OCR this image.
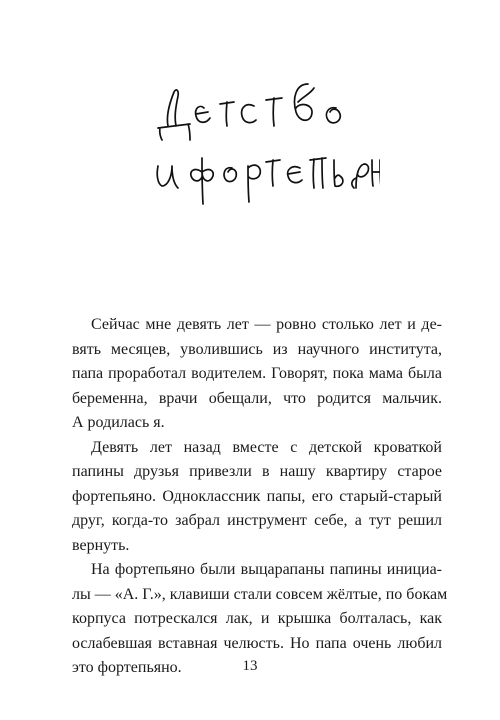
Сейчас мне девять лет — ровно столько лет и де-
вять месяцев, уволившись из научного института,
папа проработал водителем. Говорят, пока мама была
беременна, врачи обещали, что родится мальчик.
А родилась я.
Девять лет назад вместе с детской кроваткой
папины друзья привезли в нашу квартиру старое
фортепьяно. Одноклассник папы, его старый-старый
друг, когда-то забрал инструмент себе, а тут решил
вернуть.
На фортепьяно были выцарапаны папины инициа-
лы — «А. Г.», клавиши стали совсем жёлтые, по бокам
корпуса потрескался лак, и крышка болталась, как
ослабевшая вставная челюсть. Но папа очень любил
это фортепьяно.	13
